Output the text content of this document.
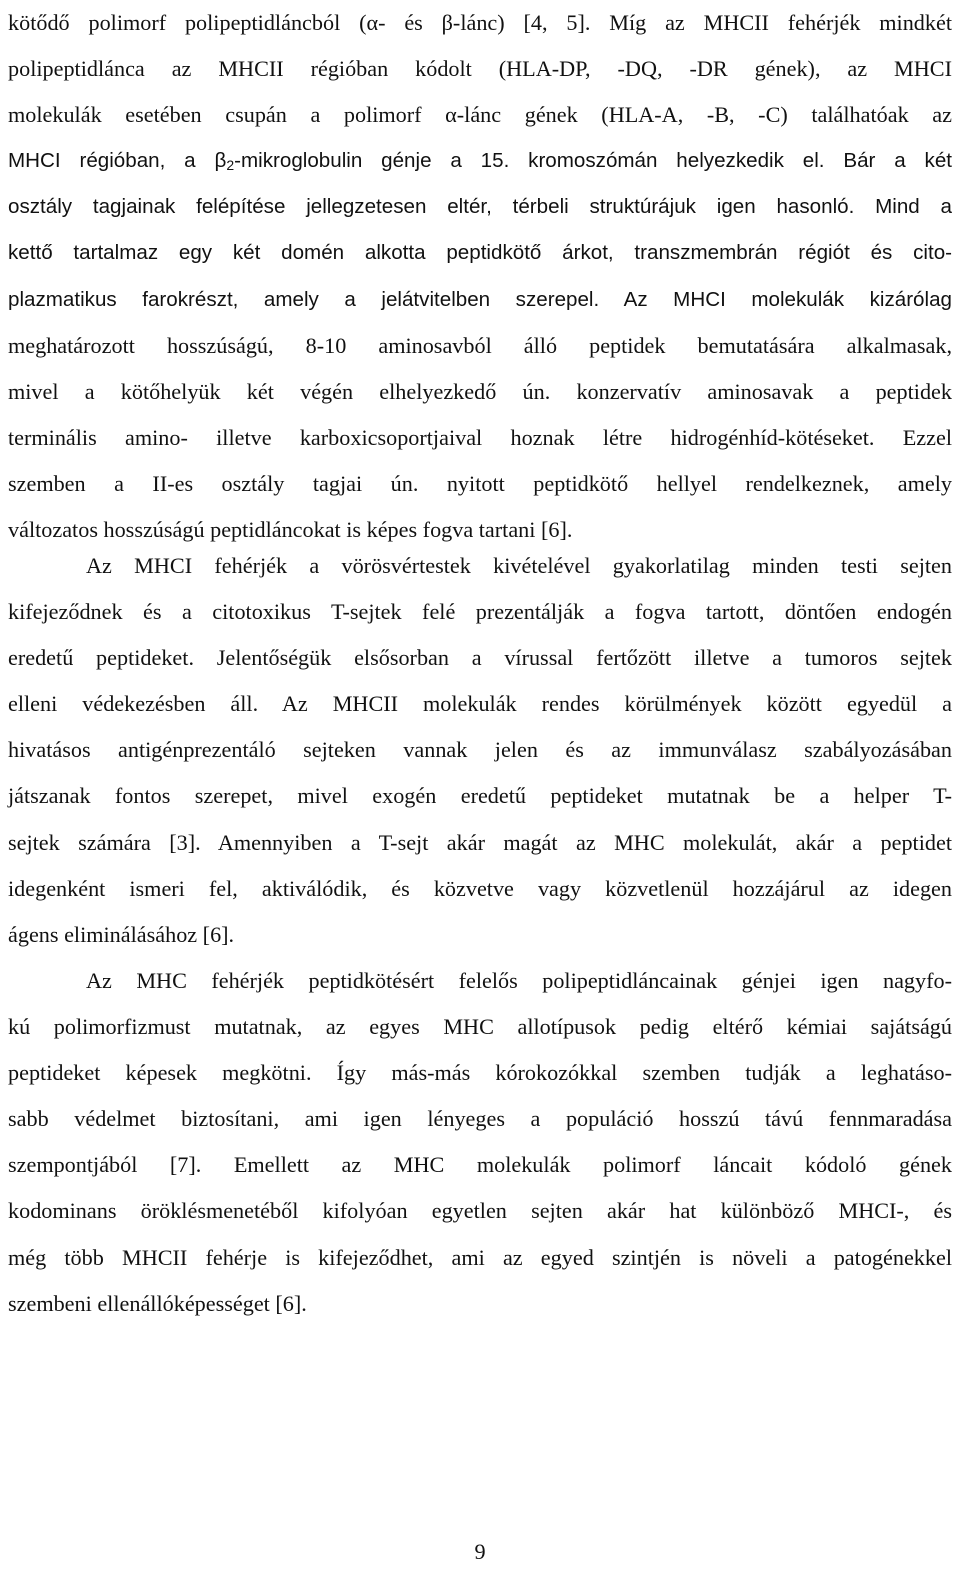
kötődő polimorf polipeptidláncból (α- és β-lánc) [4, 5]. Míg az MHCII fehérjék mindkét
polipeptidlánca az MHCII régióban kódolt (HLA-DP, -DQ, -DR gének), az MHCI
molekulák esetében csupán a polimorf α-lánc gének (HLA-A, -B, -C) találhatóak az
MHCI régióban, a $\beta_2$-mikroglobulin génje a 15. kromoszómán helyezkedik el. Bár a két
osztály tagjainak felépítése jellegzetesen eltér, térbeli struktúrájuk igen hasonló. Mind a
kettő tartalmaz egy két domén alkotta peptidkötő árkot, transzmembrán régiót és cito-
plazmatikus farokrészt, amely a jelátvitelben szerepel. Az MHCI molekulák kizárólag
meghatározott hosszúságú, 8-10 aminosavból álló peptidek bemutatására alkalmasak,
mivel a kötőhelyük két végén elhelyezkedő ún. konzervatív aminosavak a peptidek
terminális amino- illetve karboxicsoportjaival hoznak létre hidrogénhíd-kötéseket. Ezzel
szemben a II-es osztály tagjai ún. nyitott peptidkötő hellyel rendelkeznek, amely
változatos hosszúságú peptidláncokat is képes fogva tartani [6].
Az MHCI fehérjék a vörösvértestek kivételével gyakorlatilag minden testi sejten
kifejeződnek és a citotoxikus T-sejtek felé prezentálják a fogva tartott, döntően endogén
eredetű peptideket. Jelentőségük elsősorban a vírussal fertőzött illetve a tumoros sejtek
elleni védekezésben áll. Az MHCII molekulák rendes körülmények között egyedül a
hivatásos antigénprezentáló sejteken vannak jelen és az immunválasz szabályozásában
játszanak fontos szerepet, mivel exogén eredetű peptideket mutatnak be a helper T-
sejtek számára [3]. Amennyiben a T-sejt akár magát az MHC molekulát, akár a peptidet
idegenként ismeri fel, aktiválódik, és közvetve vagy közvetlenül hozzájárul az idegen
ágens eliminálásához [6].
Az MHC fehérjék peptidkötésért felelős polipeptidláncainak génjei igen nagyfo-
kú polimorfizmust mutatnak, az egyes MHC allotípusok pedig eltérő kémiai sajátságú
peptideket képesek megkötni. Így más-más kórokozókkal szemben tudják a leghatáso-
sabb védelmet biztosítani, ami igen lényeges a populáció hosszú távú fennmaradása
szempontjából [7]. Emellett az MHC molekulák polimorf láncait kódoló gének
kodominans öröklésmenetéből kifolyóan egyetlen sejten akár hat különböző MHCI-, és
még több MHCII fehérje is kifejeződhet, ami az egyed szintjén is növeli a patogénekkel
szembeni ellenállóképességet [6].
9
